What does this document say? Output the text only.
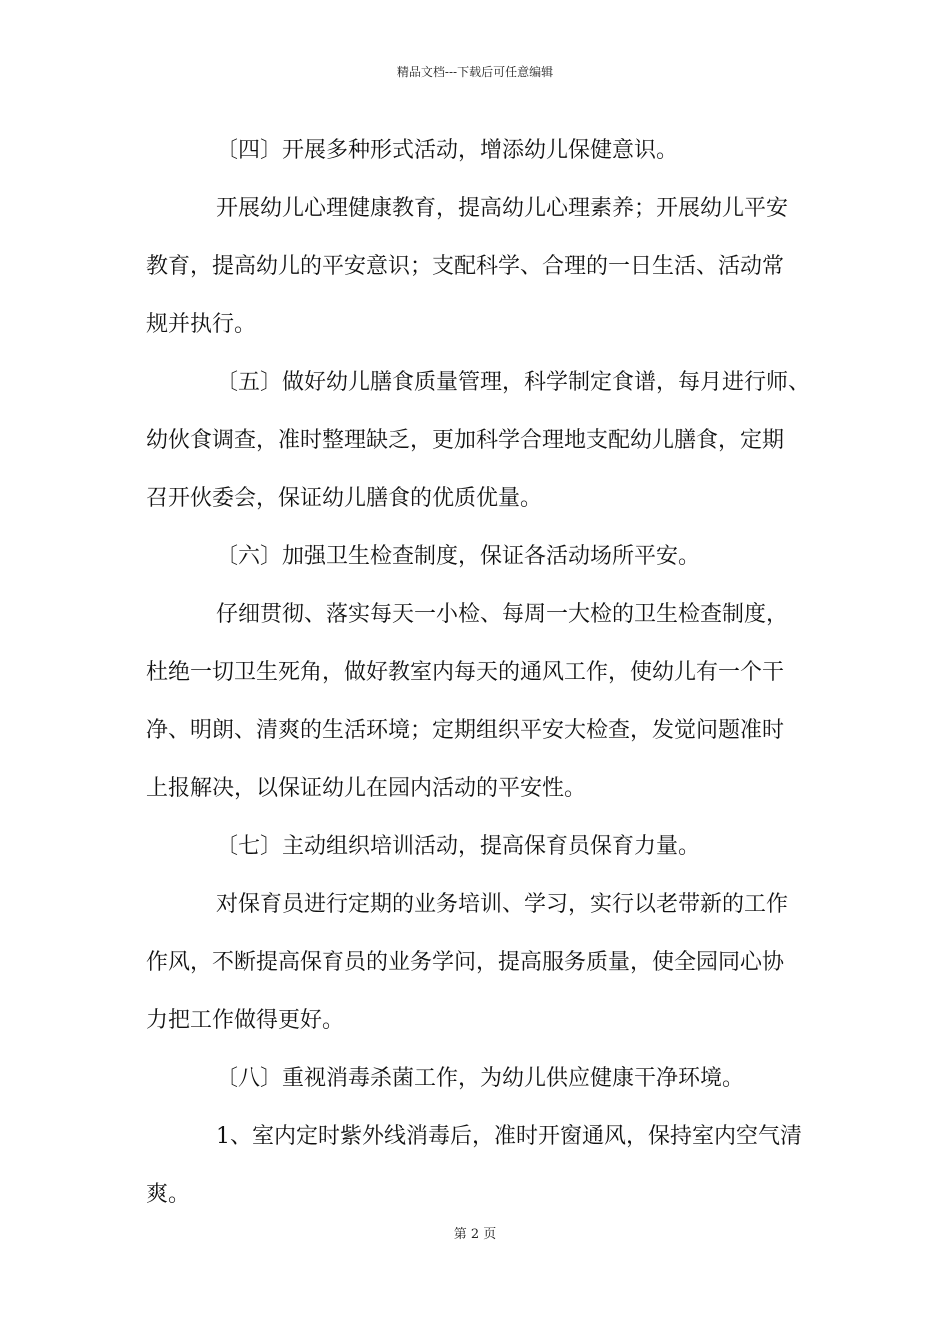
精品文档---下载后可任意编辑
〔四〕开展多种形式活动，增添幼儿保健意识。
开展幼儿心理健康教育，提高幼儿心理素养；开展幼儿平安
教育，提高幼儿的平安意识；支配科学、合理的一日生活、活动常
规并执行。
〔五〕做好幼儿膳食质量管理，科学制定食谱，每月进行师、
幼伙食调查，准时整理缺乏，更加科学合理地支配幼儿膳食，定期
召开伙委会，保证幼儿膳食的优质优量。
〔六〕加强卫生检查制度，保证各活动场所平安。
仔细贯彻、落实每天一小检、每周一大检的卫生检查制度，
杜绝一切卫生死角，做好教室内每天的通风工作，使幼儿有一个干
净、明朗、清爽的生活环境；定期组织平安大检查，发觉问题准时
上报解决，以保证幼儿在园内活动的平安性。
〔七〕主动组织培训活动，提高保育员保育力量。
对保育员进行定期的业务培训、学习，实行以老带新的工作
作风，不断提高保育员的业务学问，提高服务质量，使全园同心协
力把工作做得更好。
〔八〕重视消毒杀菌工作，为幼儿供应健康干净环境。
1、室内定时紫外线消毒后，准时开窗通风，保持室内空气清
爽。
第 2 页
